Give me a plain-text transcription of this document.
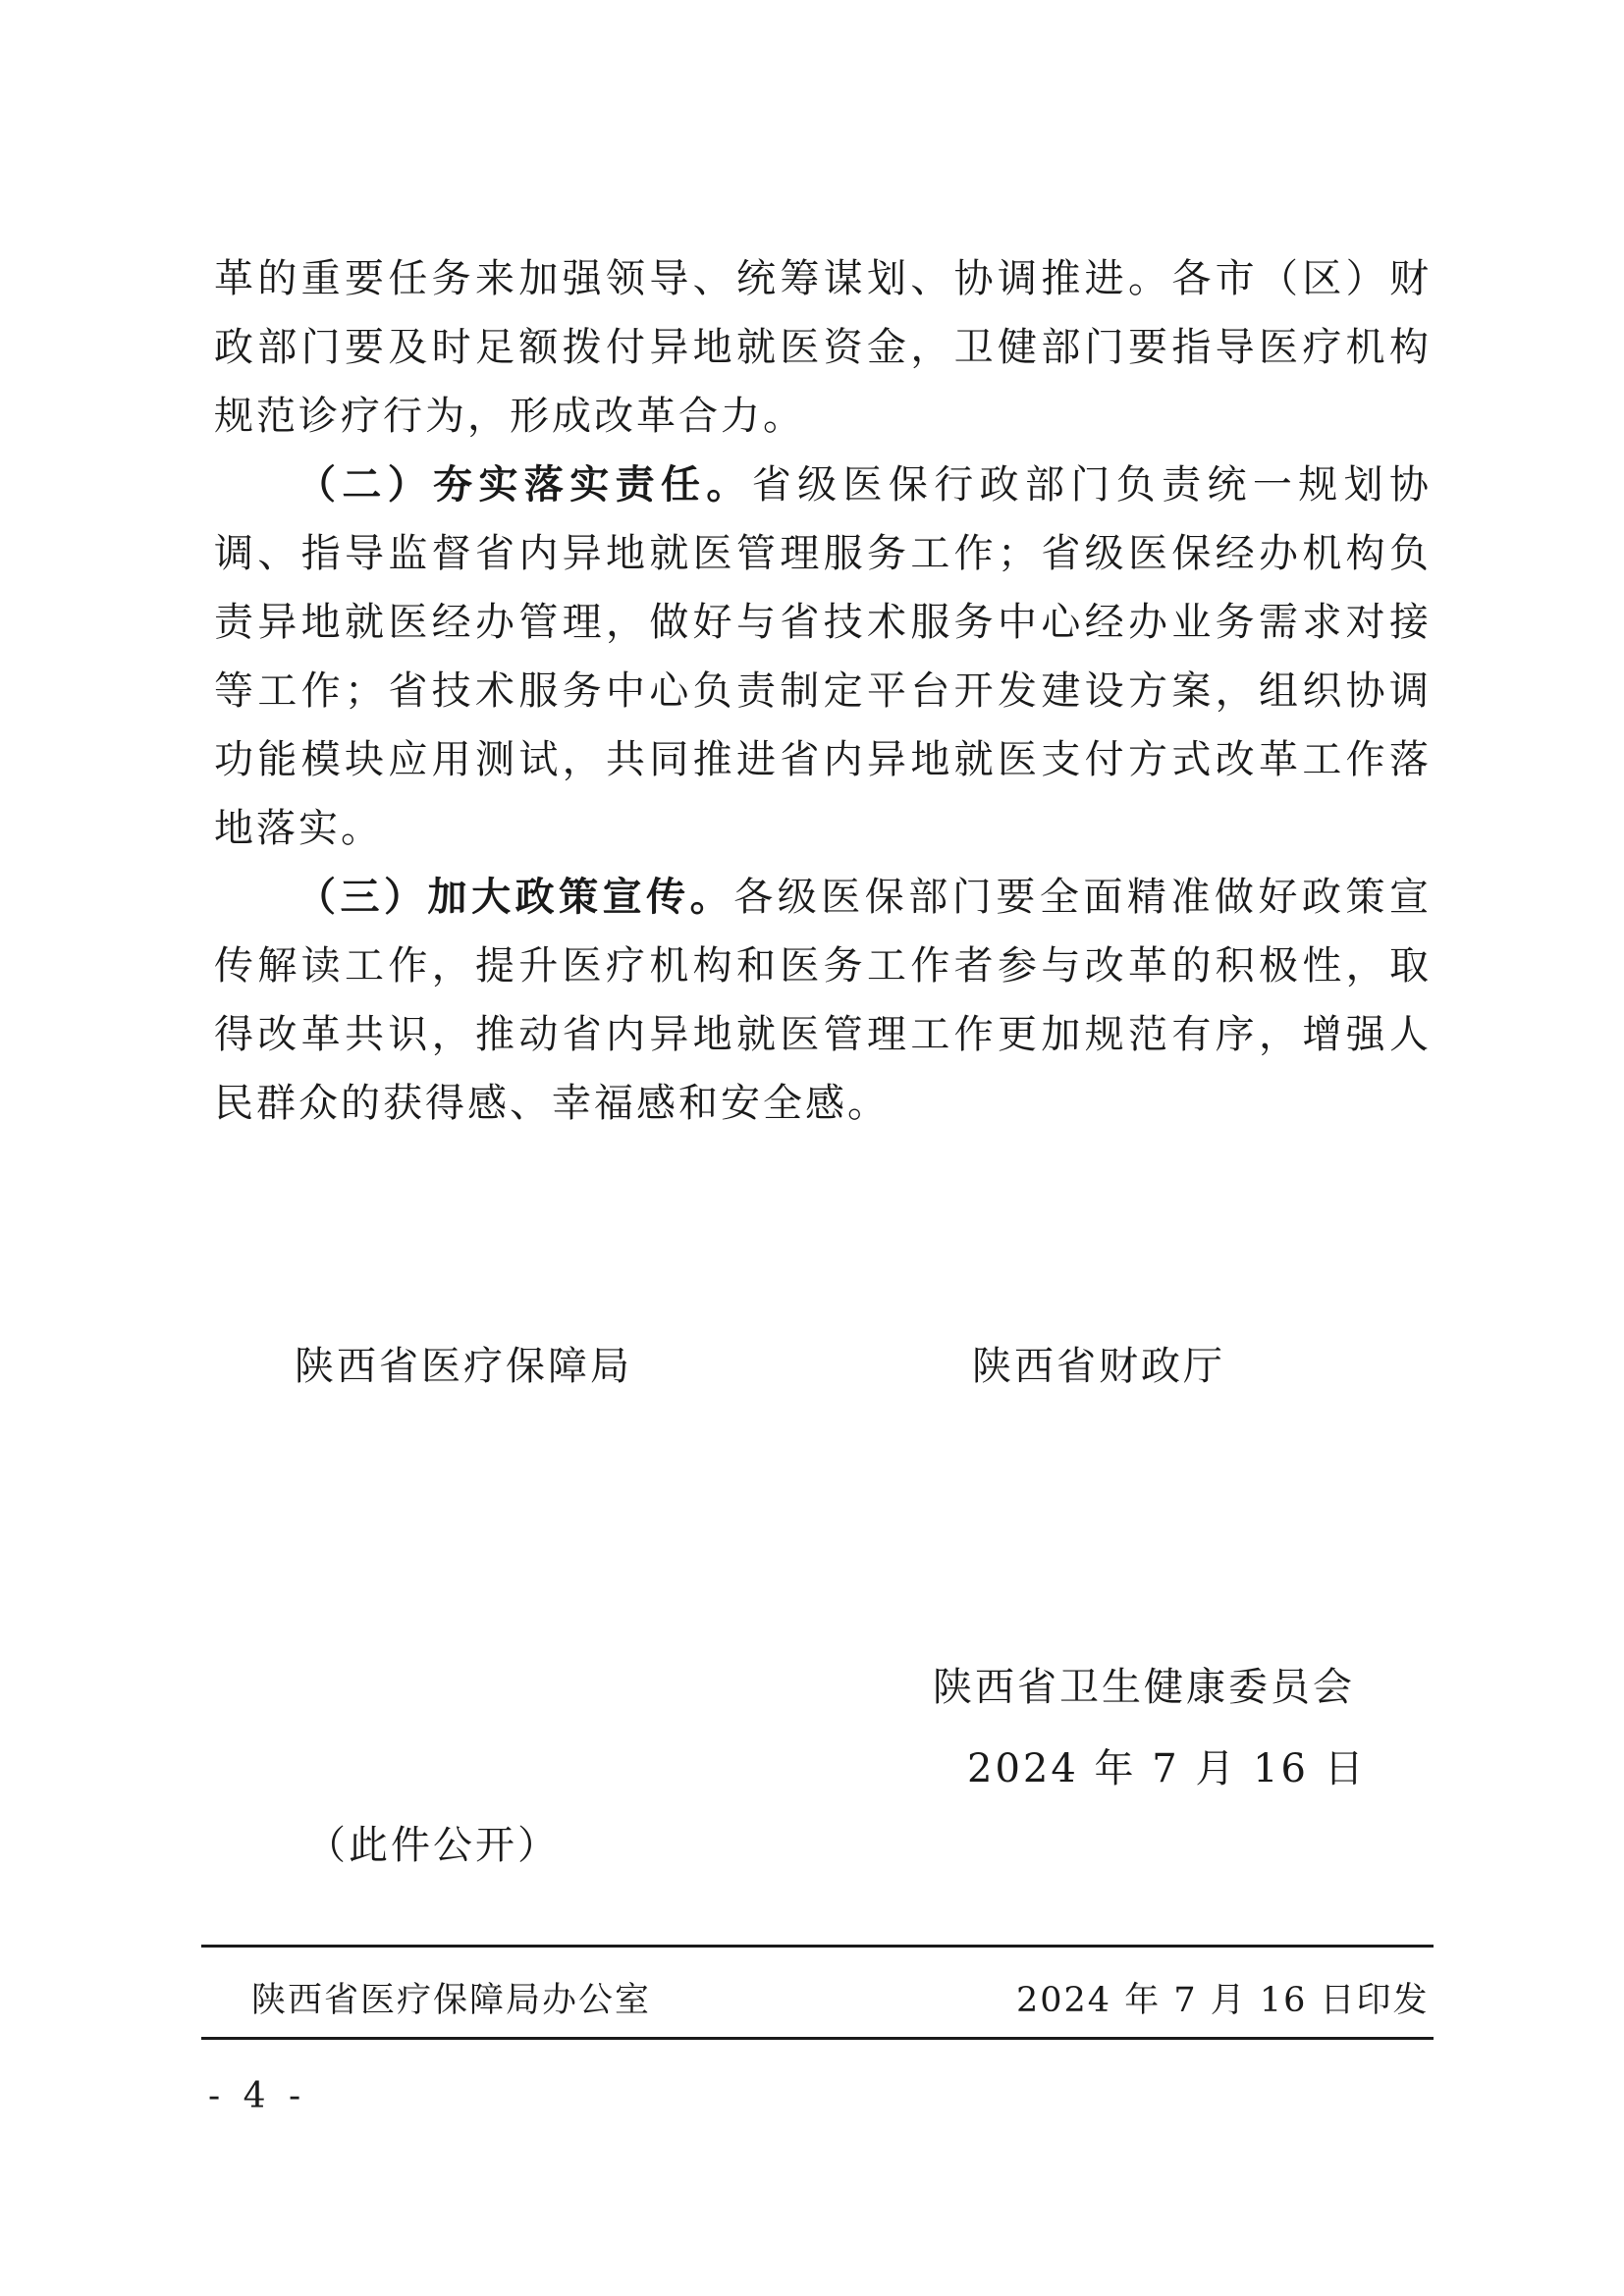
革的重要任务来加强领导、统筹谋划、协调推进。各市（区）财政部门要及时足额拨付异地就医资金，卫健部门要指导医疗机构规范诊疗行为，形成改革合力。

（二）夯实落实责任。省级医保行政部门负责统一规划协调、指导监督省内异地就医管理服务工作；省级医保经办机构负责异地就医经办管理，做好与省技术服务中心经办业务需求对接等工作；省技术服务中心负责制定平台开发建设方案，组织协调功能模块应用测试，共同推进省内异地就医支付方式改革工作落地落实。

（三）加大政策宣传。各级医保部门要全面精准做好政策宣传解读工作，提升医疗机构和医务工作者参与改革的积极性，取得改革共识，推动省内异地就医管理工作更加规范有序，增强人民群众的获得感、幸福感和安全感。

陕西省医疗保障局	陕西省财政厅
陕西省卫生健康委员会
2024 年 7 月 16 日
（此件公开）
陕西省医疗保障局办公室	2024 年 7 月 16 日印发
- 4 -
